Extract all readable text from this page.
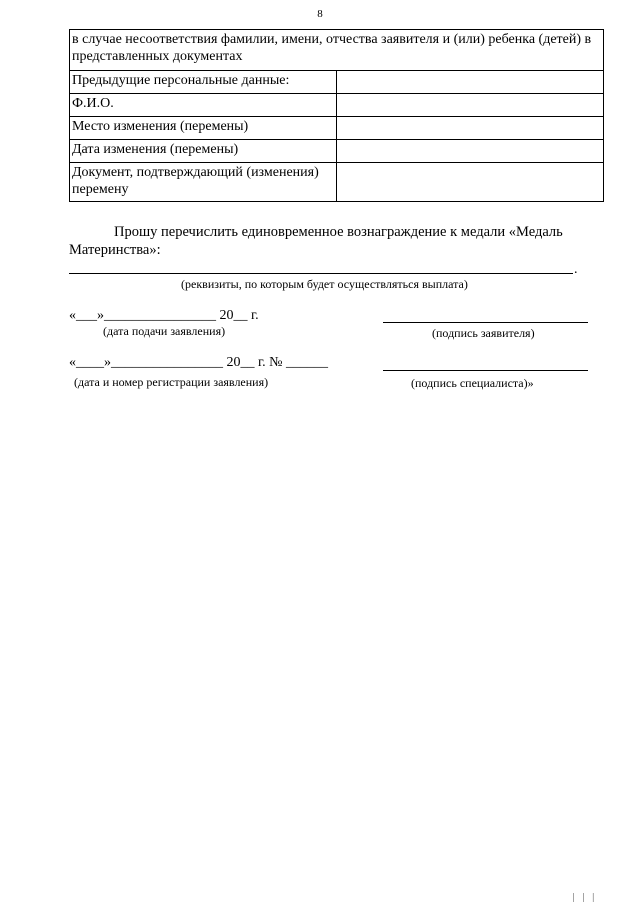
8
в случае несоответствия фамилии, имени, отчества заявителя и (или) ребенка (детей) в представленных документах	
Предыдущие персональные данные:	
Ф.И.О.	
Место изменения (перемены)	
Дата изменения (перемены)	
Документ, подтверждающий (изменения) перемену	
Прошу перечислить единовременное вознаграждение к медали «Медаль Материнства»:
.
(реквизиты, по которым будет осуществляться выплата)
«___»________________ 20__ г.
(дата подачи заявления)	(подпись заявителя)
«____»________________ 20__ г. № ______
(дата и номер регистрации заявления)	(подпись специалиста)»
| | |
